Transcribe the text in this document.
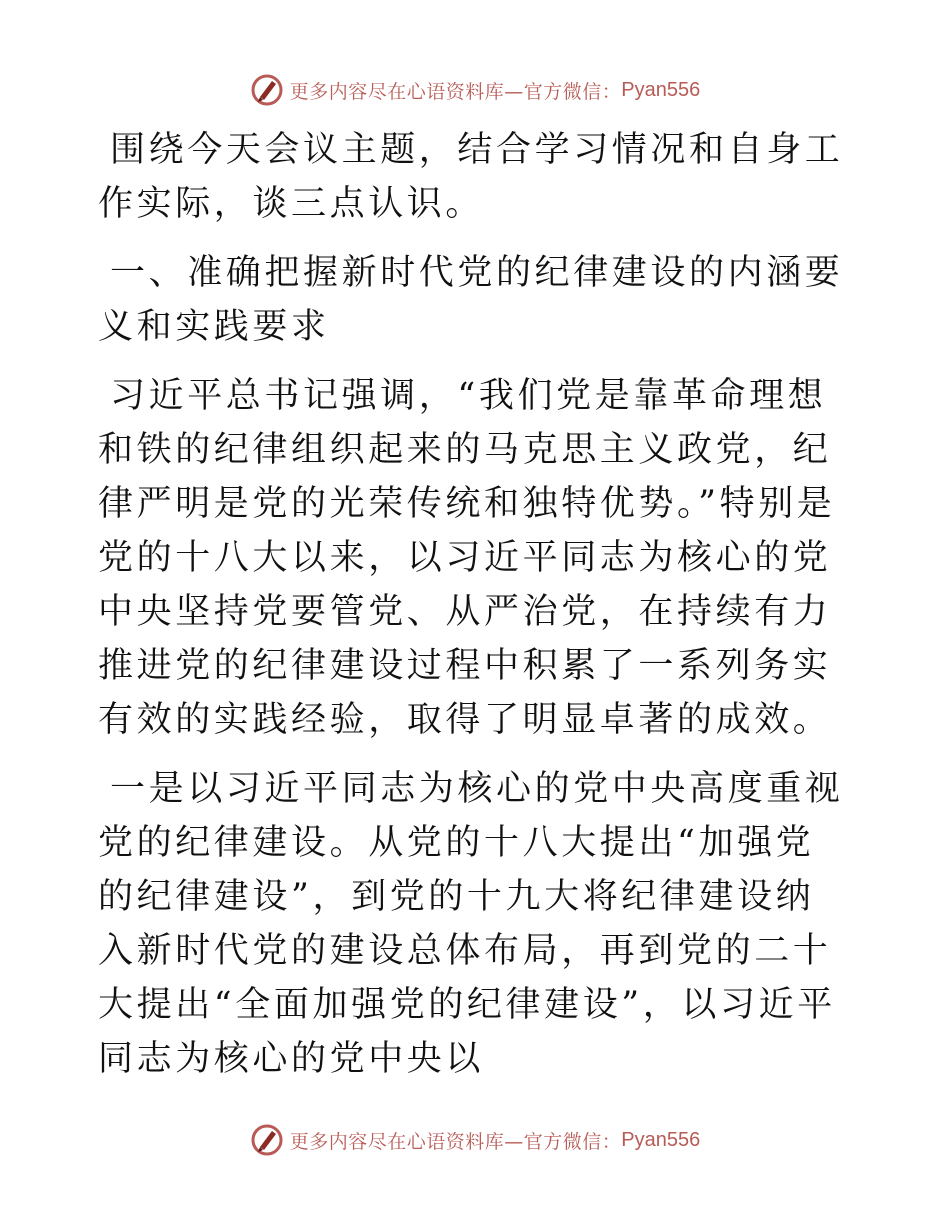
更多内容尽在心语资料库—官方微信： Pyan556

围绕今天会议主题，结合学习情况和自身工作实际，谈三点认识。

一、准确把握新时代党的纪律建设的内涵要义和实践要求

习近平总书记强调，“我们党是靠革命理想和铁的纪律组织起来的马克思主义政党，纪律严明是党的光荣传统和独特优势。”特别是党的十八大以来，以习近平同志为核心的党中央坚持党要管党、从严治党，在持续有力推进党的纪律建设过程中积累了一系列务实有效的实践经验，取得了明显卓著的成效。

一是以习近平同志为核心的党中央高度重视党的纪律建设。从党的十八大提出“加强党的纪律建设”，到党的十九大将纪律建设纳入新时代党的建设总体布局，再到党的二十大提出“全面加强党的纪律建设”，以习近平同志为核心的党中央以

更多内容尽在心语资料库—官方微信： Pyan556
